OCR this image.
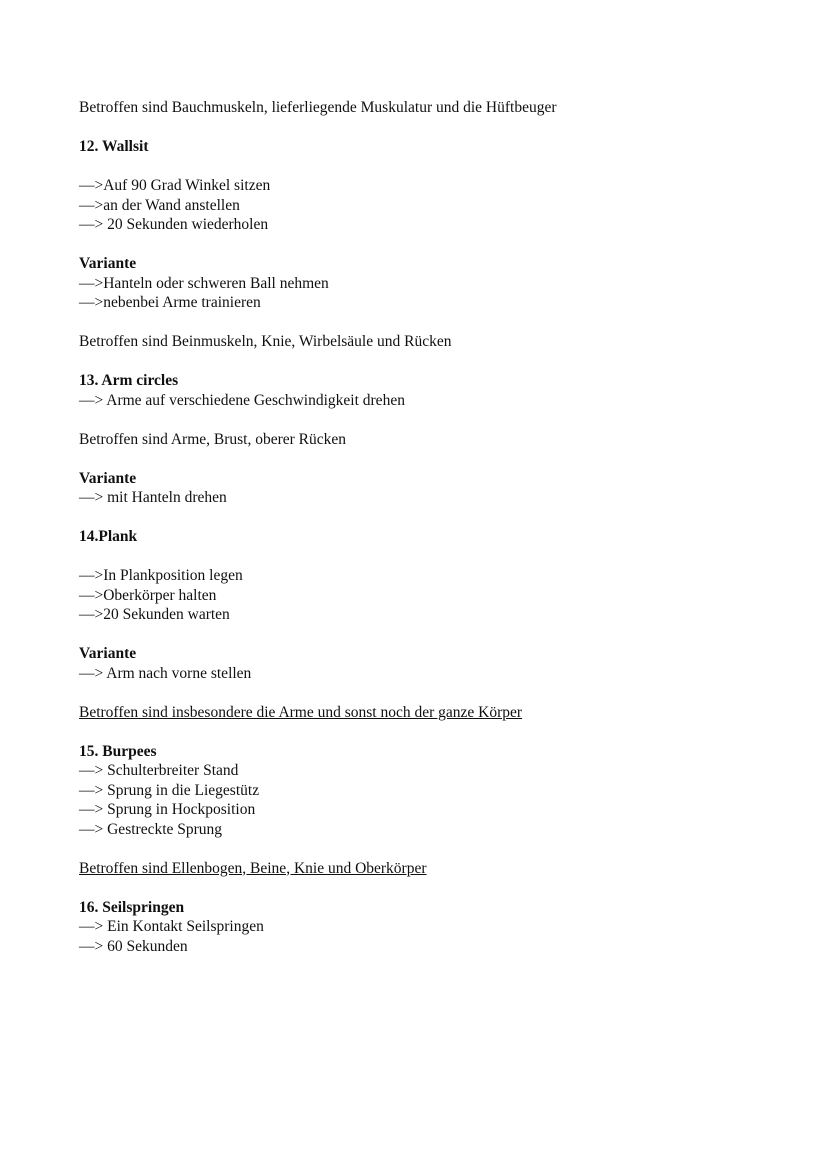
Betroffen sind Bauchmuskeln, lieferliegende Muskulatur und die Hüftbeuger
12. Wallsit
—>Auf 90 Grad Winkel sitzen
—>an der Wand anstellen
—> 20 Sekunden wiederholen
Variante
—>Hanteln oder schweren Ball nehmen
—>nebenbei Arme trainieren
Betroffen sind Beinmuskeln, Knie, Wirbelsäule und Rücken
13. Arm circles
—> Arme auf verschiedene Geschwindigkeit drehen
Betroffen sind Arme, Brust, oberer Rücken
Variante
—> mit Hanteln drehen
14.Plank
—>In Plankposition legen
—>Oberkörper halten
—>20 Sekunden warten
Variante
—> Arm nach vorne stellen
Betroffen sind insbesondere die Arme und sonst noch der ganze Körper
15. Burpees
—> Schulterbreiter Stand
—> Sprung in die Liegestütz
—> Sprung in Hockposition
—> Gestreckte Sprung
Betroffen sind Ellenbogen, Beine, Knie und Oberkörper
16. Seilspringen
—> Ein Kontakt Seilspringen
—> 60 Sekunden
